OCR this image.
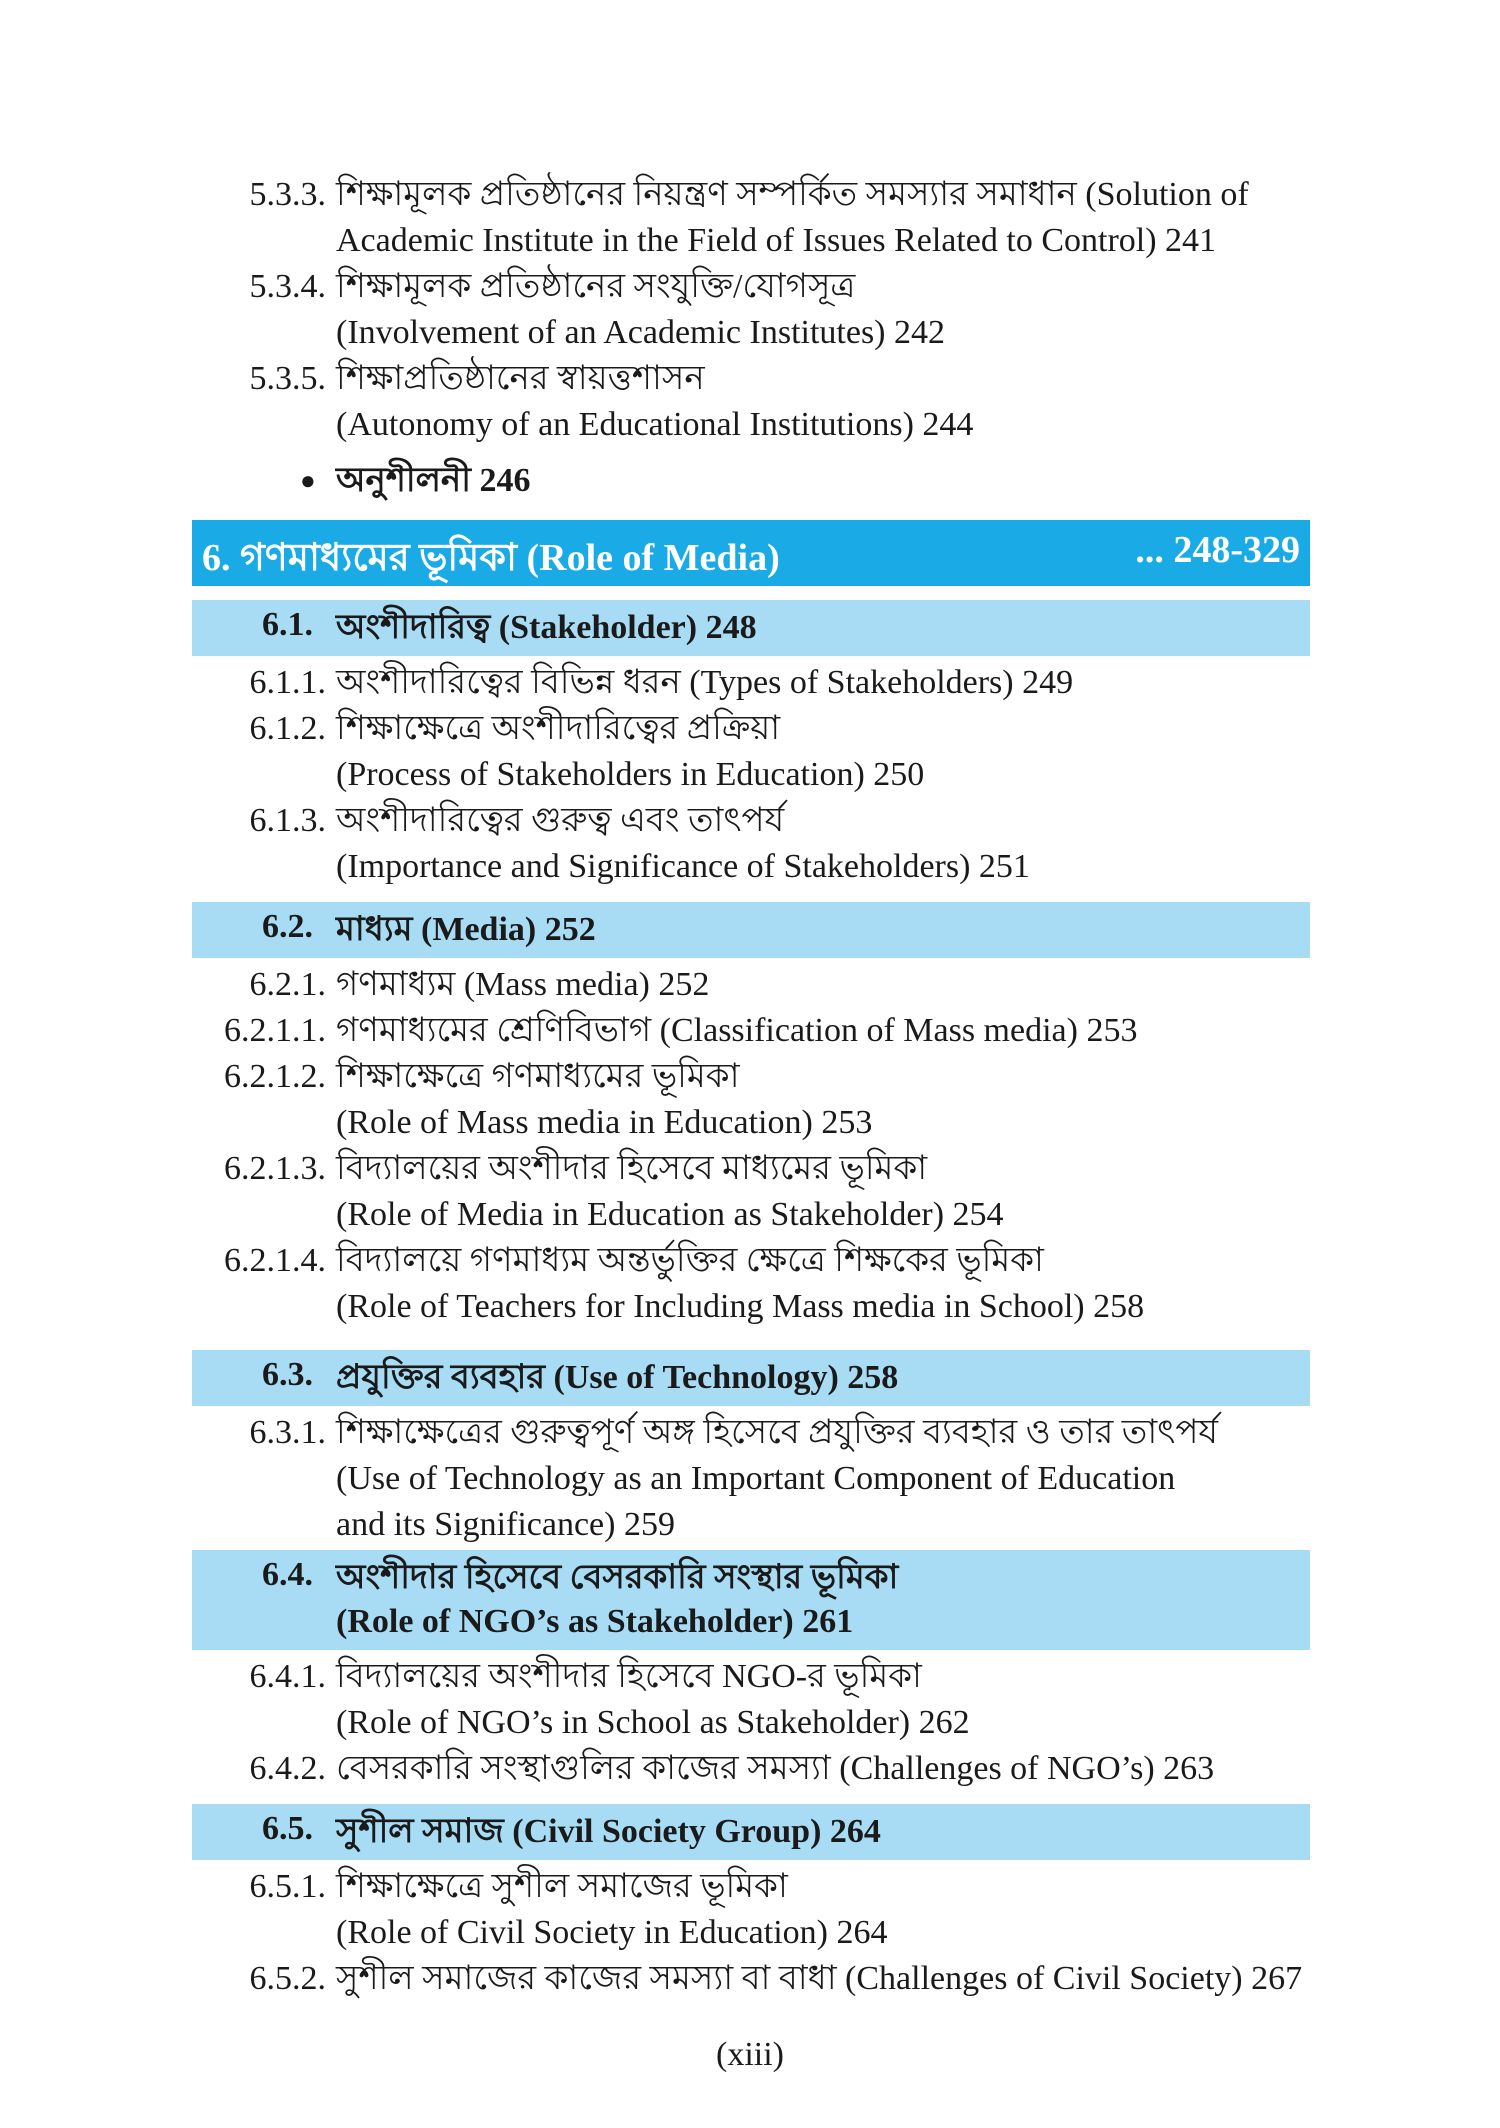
6. গণমাধ্যমের ভূমিকা (Role of Media)	... 248-329
(xiii)
5.3.3. শিক্ষামূলক প্রতিষ্ঠানের নিয়ন্ত্রণ সম্পর্কিত সমস্যার সমাধান (Solution of
Academic Institute in the Field of Issues Related to Control) 241
5.3.4. শিক্ষামূলক প্রতিষ্ঠানের সংযুক্তি/যোগসূত্র
(Involvement of an Academic Institutes) 242
5.3.5. শিক্ষাপ্রতিষ্ঠানের স্বায়ত্তশাসন
(Autonomy of an Educational Institutions) 244
● অনুশীলনী 246
6.1. অংশীদারিত্ব (Stakeholder) 248
6.1.1. অংশীদারিত্বের বিভিন্ন ধরন (Types of Stakeholders) 249
6.1.2. শিক্ষাক্ষেত্রে অংশীদারিত্বের প্রক্রিয়া
(Process of Stakeholders in Education) 250
6.1.3. অংশীদারিত্বের গুরুত্ব এবং তাৎপর্য
(Importance and Significance of Stakeholders) 251
6.2. মাধ্যম (Media) 252
6.2.1. গণমাধ্যম (Mass media) 252
6.2.1.1. গণমাধ্যমের শ্রেণিবিভাগ (Classification of Mass media) 253
6.2.1.2. শিক্ষাক্ষেত্রে গণমাধ্যমের ভূমিকা
(Role of Mass media in Education) 253
6.2.1.3. বিদ্যালয়ের অংশীদার হিসেবে মাধ্যমের ভূমিকা
(Role of Media in Education as Stakeholder) 254
6.2.1.4. বিদ্যালয়ে গণমাধ্যম অন্তর্ভুক্তির ক্ষেত্রে শিক্ষকের ভূমিকা
(Role of Teachers for Including Mass media in School) 258
6.3. প্রযুক্তির ব্যবহার (Use of Technology) 258
6.3.1. শিক্ষাক্ষেত্রের গুরুত্বপূর্ণ অঙ্গ হিসেবে প্রযুক্তির ব্যবহার ও তার তাৎপর্য
(Use of Technology as an Important Component of Education
and its Significance) 259
6.4. অংশীদার হিসেবে বেসরকারি সংস্থার ভূমিকা
(Role of NGO’s as Stakeholder) 261
6.4.1. বিদ্যালয়ের অংশীদার হিসেবে NGO-র ভূমিকা
(Role of NGO’s in School as Stakeholder) 262
6.4.2. বেসরকারি সংস্থাগুলির কাজের সমস্যা (Challenges of NGO’s) 263
6.5. সুশীল সমাজ (Civil Society Group) 264
6.5.1. শিক্ষাক্ষেত্রে সুশীল সমাজের ভূমিকা
(Role of Civil Society in Education) 264
6.5.2. সুশীল সমাজের কাজের সমস্যা বা বাধা (Challenges of Civil Society) 267
